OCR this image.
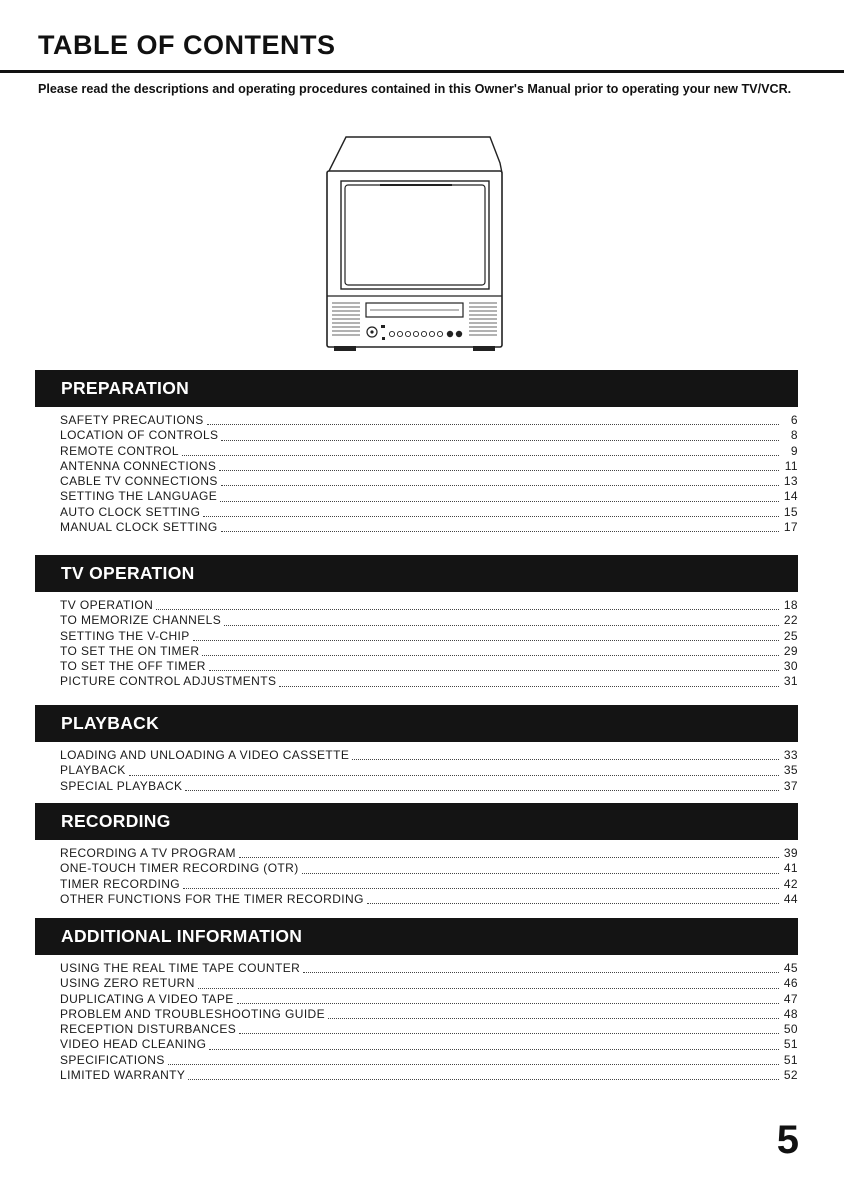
TABLE OF CONTENTS

Please read the descriptions and operating procedures contained in this Owner's Manual prior to operating your new TV/VCR.

PREPARATION
SAFETY PRECAUTIONS	6
LOCATION OF CONTROLS	8
REMOTE CONTROL	9
ANTENNA CONNECTIONS	11
CABLE TV CONNECTIONS	13
SETTING THE LANGUAGE	14
AUTO CLOCK SETTING	15
MANUAL CLOCK SETTING	17
TV OPERATION
TV OPERATION	18
TO MEMORIZE CHANNELS	22
SETTING THE V-CHIP	25
TO SET THE ON TIMER	29
TO SET THE OFF TIMER	30
PICTURE CONTROL ADJUSTMENTS	31
PLAYBACK
LOADING AND UNLOADING A VIDEO CASSETTE	33
PLAYBACK	35
SPECIAL PLAYBACK	37
RECORDING
RECORDING A TV PROGRAM	39
ONE-TOUCH TIMER RECORDING (OTR)	41
TIMER RECORDING	42
OTHER FUNCTIONS FOR THE TIMER RECORDING	44
ADDITIONAL INFORMATION
USING THE REAL TIME TAPE COUNTER	45
USING ZERO RETURN	46
DUPLICATING A VIDEO TAPE	47
PROBLEM AND TROUBLESHOOTING GUIDE	48
RECEPTION DISTURBANCES	50
VIDEO HEAD CLEANING	51
SPECIFICATIONS	51
LIMITED WARRANTY	52

5
